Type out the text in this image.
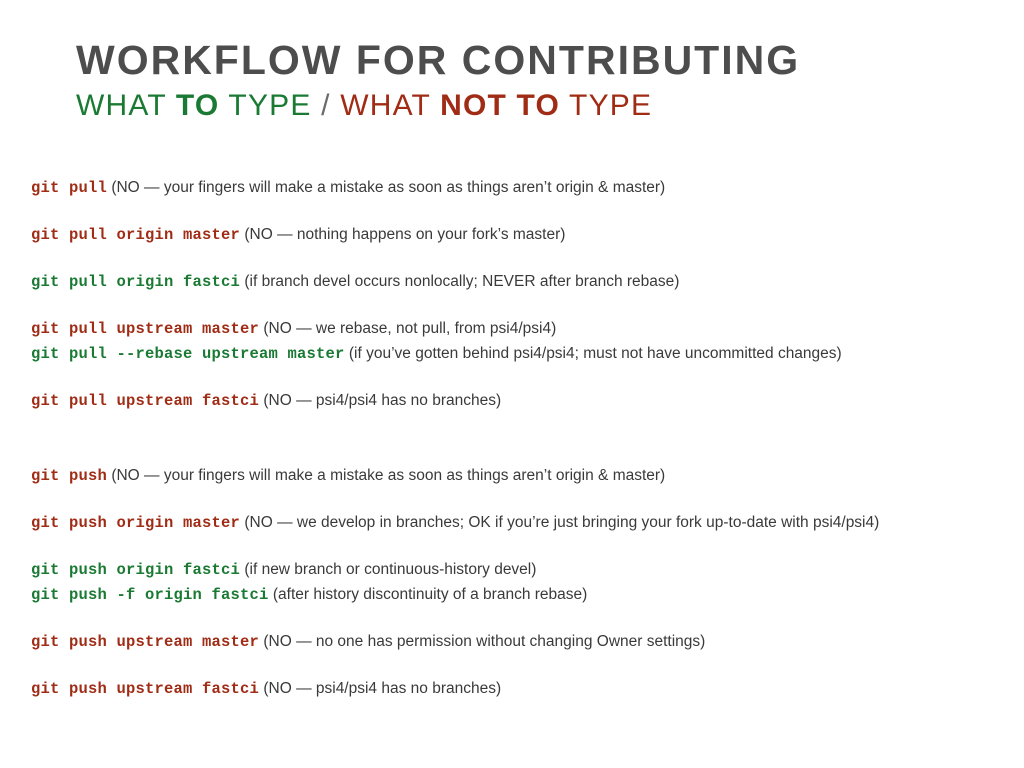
WORKFLOW FOR CONTRIBUTING
WHAT TO TYPE / WHAT NOT TO TYPE
git pull (NO — your fingers will make a mistake as soon as things aren’t origin & master)
git pull origin master (NO — nothing happens on your fork’s master)
git pull origin fastci (if branch devel occurs nonlocally; NEVER after branch rebase)
git pull upstream master (NO — we rebase, not pull, from psi4/psi4)
git pull --rebase upstream master (if you’ve gotten behind psi4/psi4; must not have uncommitted changes)
git pull upstream fastci (NO — psi4/psi4 has no branches)
git push (NO — your fingers will make a mistake as soon as things aren’t origin & master)
git push origin master (NO — we develop in branches; OK if you’re just bringing your fork up-to-date with psi4/psi4)
git push origin fastci (if new branch or continuous-history devel)
git push -f origin fastci (after history discontinuity of a branch rebase)
git push upstream master (NO — no one has permission without changing Owner settings)
git push upstream fastci (NO — psi4/psi4 has no branches)
